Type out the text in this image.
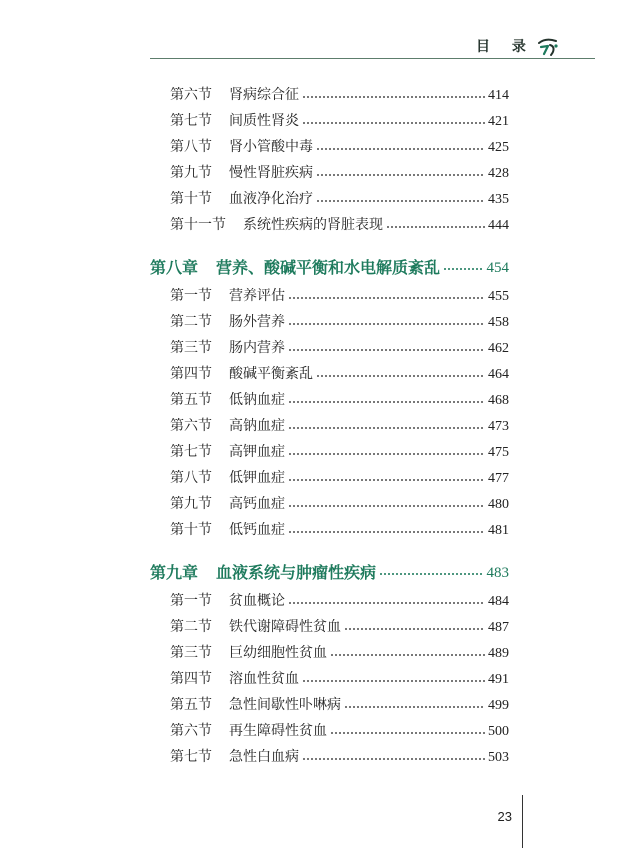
目 录
第六节 肾病综合征	414
第七节 间质性肾炎	421
第八节 肾小管酸中毒	425
第九节 慢性肾脏疾病	428
第十节 血液净化治疗	435
第十一节 系统性疾病的肾脏表现	444
第八章 营养、酸碱平衡和水电解质紊乱	454
第一节 营养评估	455
第二节 肠外营养	458
第三节 肠内营养	462
第四节 酸碱平衡紊乱	464
第五节 低钠血症	468
第六节 高钠血症	473
第七节 高钾血症	475
第八节 低钾血症	477
第九节 高钙血症	480
第十节 低钙血症	481
第九章 血液系统与肿瘤性疾病	483
第一节 贫血概论	484
第二节 铁代谢障碍性贫血	487
第三节 巨幼细胞性贫血	489
第四节 溶血性贫血	491
第五节 急性间歇性卟啉病	499
第六节 再生障碍性贫血	500
第七节 急性白血病	503
23
